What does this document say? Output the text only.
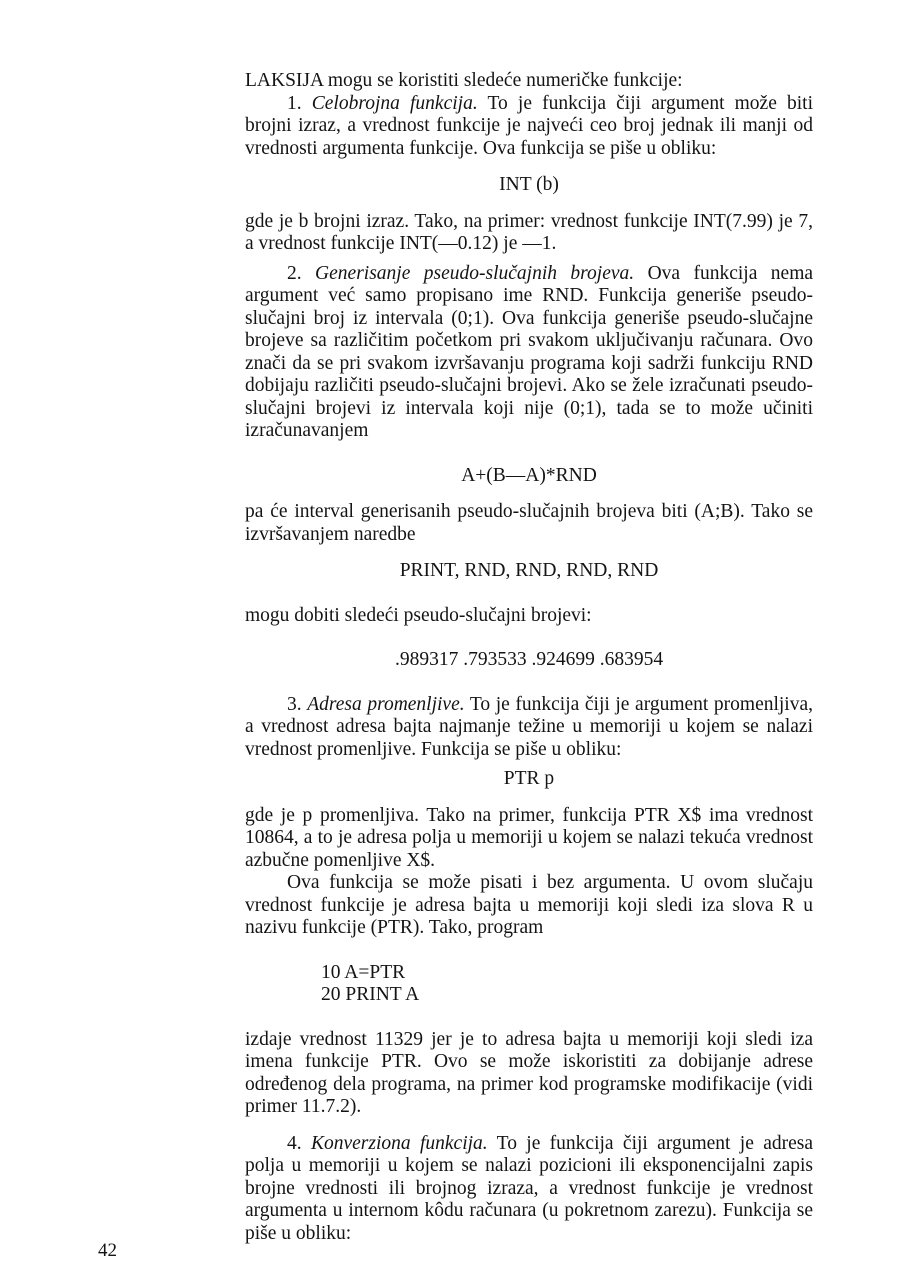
LAKSIJA mogu se koristiti sledeće numeričke funkcije:

1. Celobrojna funkcija. To je funkcija čiji argument može biti brojni izraz, a vrednost funkcije je najveći ceo broj jednak ili manji od vrednosti argumenta funkcije. Ova funkcija se piše u obliku:

INT (b)

gde je b brojni izraz. Tako, na primer: vrednost funkcije INT(7.99) je 7, a vrednost funkcije INT(—0.12) je —1.

2. Generisanje pseudo-slučajnih brojeva. Ova funkcija nema argument već samo propisano ime RND. Funkcija generiše pseudo-slučajni broj iz intervala (0;1). Ova funkcija generiše pseudo-slučajne brojeve sa različitim početkom pri svakom uključivanju računara. Ovo znači da se pri svakom izvršavanju programa koji sadrži funkciju RND dobijaju različiti pseudo-slučajni brojevi. Ako se žele izračunati pseudo-slučajni brojevi iz intervala koji nije (0;1), tada se to može učiniti izračunavanjem

A+(B—A)*RND

pa će interval generisanih pseudo-slučajnih brojeva biti (A;B). Tako se izvršavanjem naredbe

PRINT, RND, RND, RND, RND

mogu dobiti sledeći pseudo-slučajni brojevi:

.989317 .793533 .924699 .683954

3. Adresa promenljive. To je funkcija čiji je argument promenljiva, a vrednost adresa bajta najmanje težine u memoriji u kojem se nalazi vrednost promenljive. Funkcija se piše u obliku:

PTR p

gde je p promenljiva. Tako na primer, funkcija PTR X$ ima vrednost 10864, a to je adresa polja u memoriji u kojem se nalazi tekuća vrednost azbučne pomenljive X$.

Ova funkcija se može pisati i bez argumenta. U ovom slučaju vrednost funkcije je adresa bajta u memoriji koji sledi iza slova R u nazivu funkcije (PTR). Tako, program

10 A=PTR

20 PRINT A

izdaje vrednost 11329 jer je to adresa bajta u memoriji koji sledi iza imena funkcije PTR. Ovo se može iskoristiti za dobijanje adrese određenog dela programa, na primer kod programske modifikacije (vidi primer 11.7.2).

4. Konverziona funkcija. To je funkcija čiji argument je adresa polja u memoriji u kojem se nalazi pozicioni ili eksponencijalni zapis brojne vrednosti ili brojnog izraza, a vrednost funkcije je vrednost argumenta u internom kôdu računara (u pokretnom zarezu). Funkcija se piše u obliku:

42
